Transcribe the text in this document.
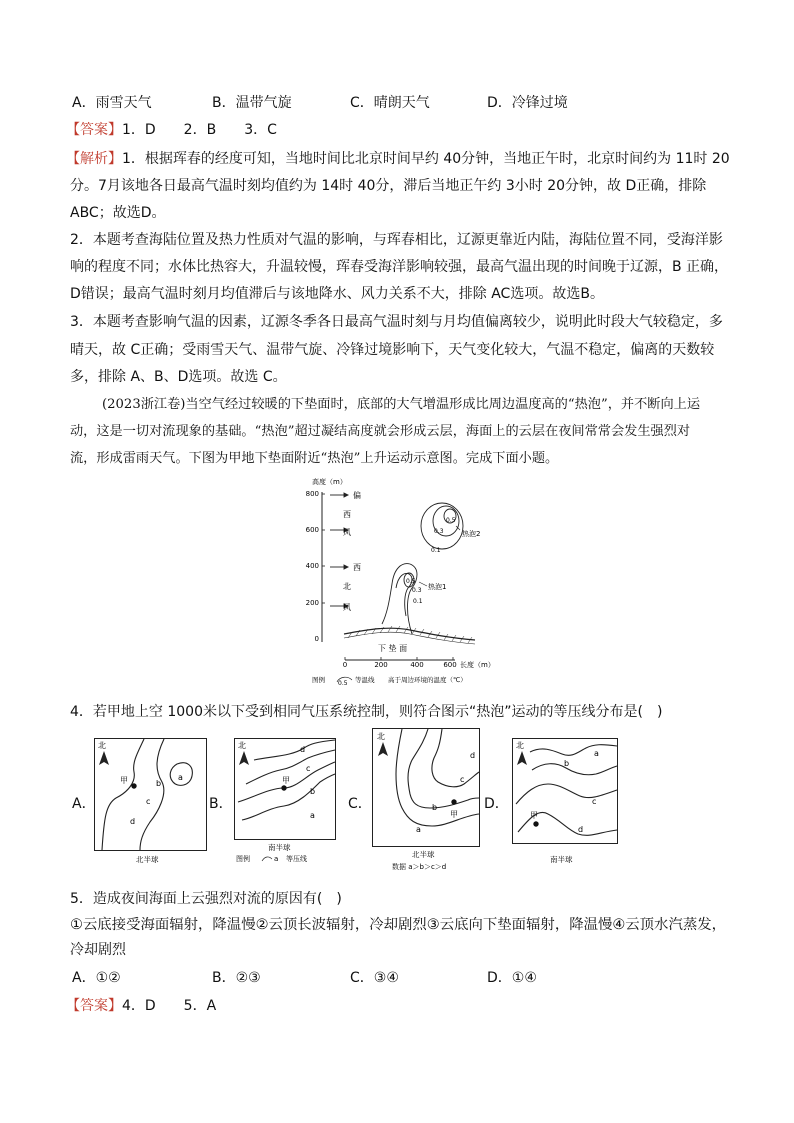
A．雨雪天气	B．温带气旋	C．晴朗天气	D．冷锋过境
【答案】1．D　　2．B　　3．C
【解析】1．根据珲春的经度可知，当地时间比北京时间早约 40分钟，当地正午时，北京时间约为 11时 20
分。7月该地各日最高气温时刻均值约为 14时 40分，滞后当地正午约 3小时 20分钟，故 D正确，排除
ABC；故选D。
2．本题考查海陆位置及热力性质对气温的影响，与珲春相比，辽源更靠近内陆，海陆位置不同，受海洋影
响的程度不同；水体比热容大，升温较慢，珲春受海洋影响较强，最高气温出现的时间晚于辽源，B 正确，
D错误；最高气温时刻月均值滞后与该地降水、风力关系不大，排除 AC选项。故选B。
3．本题考查影响气温的因素，辽源冬季各日最高气温时刻与月均值偏离较少，说明此时段大气较稳定，多
晴天，故 C正确；受雨雪天气、温带气旋、冷锋过境影响下，天气变化较大，气温不稳定，偏离的天数较
多，排除 A、B、D选项。故选 C。
(2023浙江卷)当空气经过较暖的下垫面时，底部的大气增温形成比周边温度高的“热泡”，并不断向上运
动，这是一切对流现象的基础。“热泡”超过凝结高度就会形成云层，海面上的云层在夜间常常会发生强烈对
流，形成雷雨天气。下图为甲地下垫面附近“热泡”上升运动示意图。完成下面小题。
高度（m）
800
600
400
200
0
偏
西
风
西
北
风
0.5
0.3
0.1
热泡2
0.5
0.3
0.1
热泡1
下 垫 面
0	200	400	600 长度（m）
图例 0.5 等温线 高于周边环境的温度（℃）
4．若甲地上空 1000米以下受到相同气压系统控制，则符合图示“热泡”运动的等压线分布是(　)
A．	B．	C．	D．
北
甲	a
b
c
d
北半球
北
甲
d
c
b
a
南半球
图例	a 等压线
北
甲
d
c
b
a
北半球
数据 a＞b＞c＞d
北
甲
a
b
c
d
南半球
5．造成夜间海面上云强烈对流的原因有(　)
①云底接受海面辐射，降温慢②云顶长波辐射，冷却剧烈③云底向下垫面辐射，降温慢④云顶水汽蒸发，
冷却剧烈
A．①②	B．②③	C．③④	D．①④
【答案】4．D　　5．A
